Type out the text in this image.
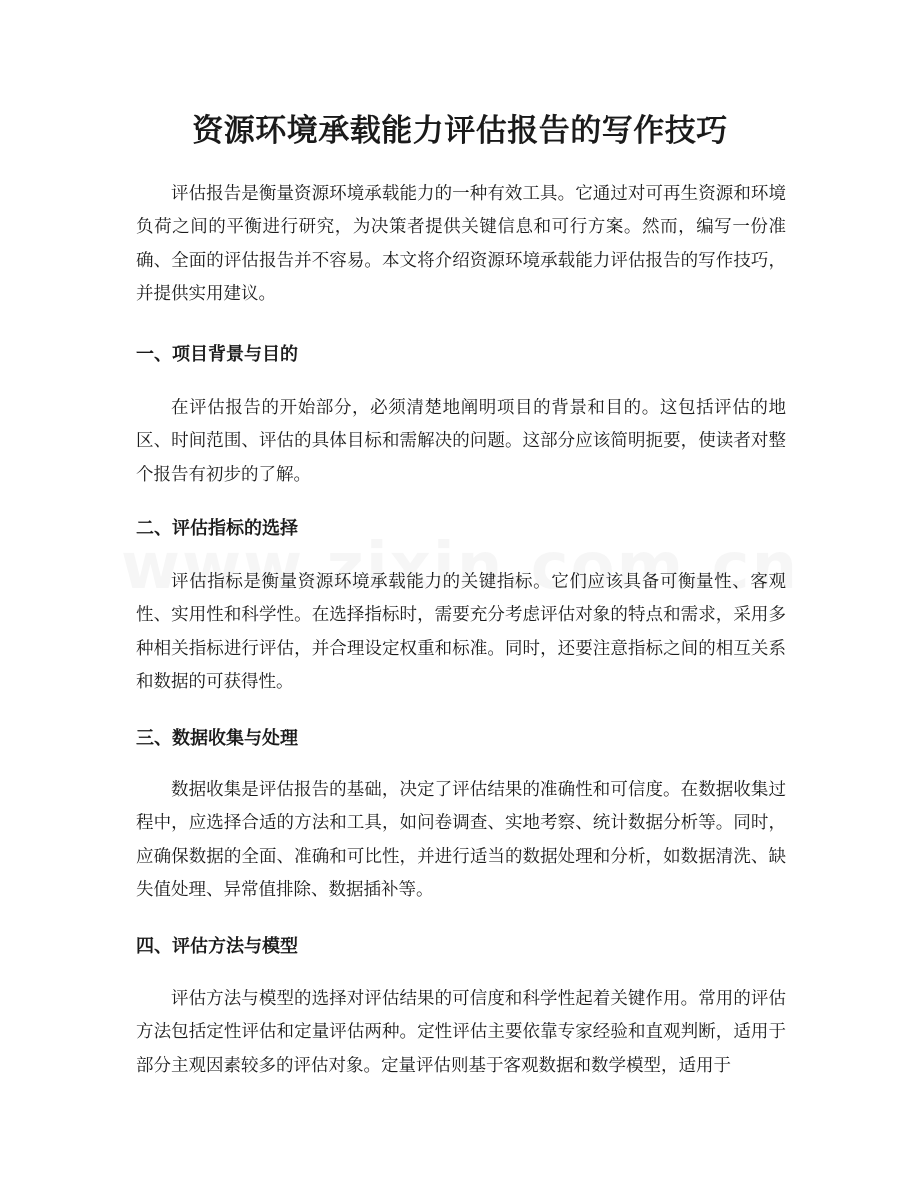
资源环境承载能力评估报告的写作技巧

评估报告是衡量资源环境承载能力的一种有效工具。它通过对可再生资源和环境负荷之间的平衡进行研究，为决策者提供关键信息和可行方案。然而，编写一份准确、全面的评估报告并不容易。本文将介绍资源环境承载能力评估报告的写作技巧，并提供实用建议。

一、项目背景与目的

在评估报告的开始部分，必须清楚地阐明项目的背景和目的。这包括评估的地区、时间范围、评估的具体目标和需解决的问题。这部分应该简明扼要，使读者对整个报告有初步的了解。

二、评估指标的选择

评估指标是衡量资源环境承载能力的关键指标。它们应该具备可衡量性、客观性、实用性和科学性。在选择指标时，需要充分考虑评估对象的特点和需求，采用多种相关指标进行评估，并合理设定权重和标准。同时，还要注意指标之间的相互关系和数据的可获得性。

三、数据收集与处理

数据收集是评估报告的基础，决定了评估结果的准确性和可信度。在数据收集过程中，应选择合适的方法和工具，如问卷调查、实地考察、统计数据分析等。同时，应确保数据的全面、准确和可比性，并进行适当的数据处理和分析，如数据清洗、缺失值处理、异常值排除、数据插补等。

四、评估方法与模型

评估方法与模型的选择对评估结果的可信度和科学性起着关键作用。常用的评估方法包括定性评估和定量评估两种。定性评估主要依靠专家经验和直观判断，适用于部分主观因素较多的评估对象。定量评估则基于客观数据和数学模型，适用于
